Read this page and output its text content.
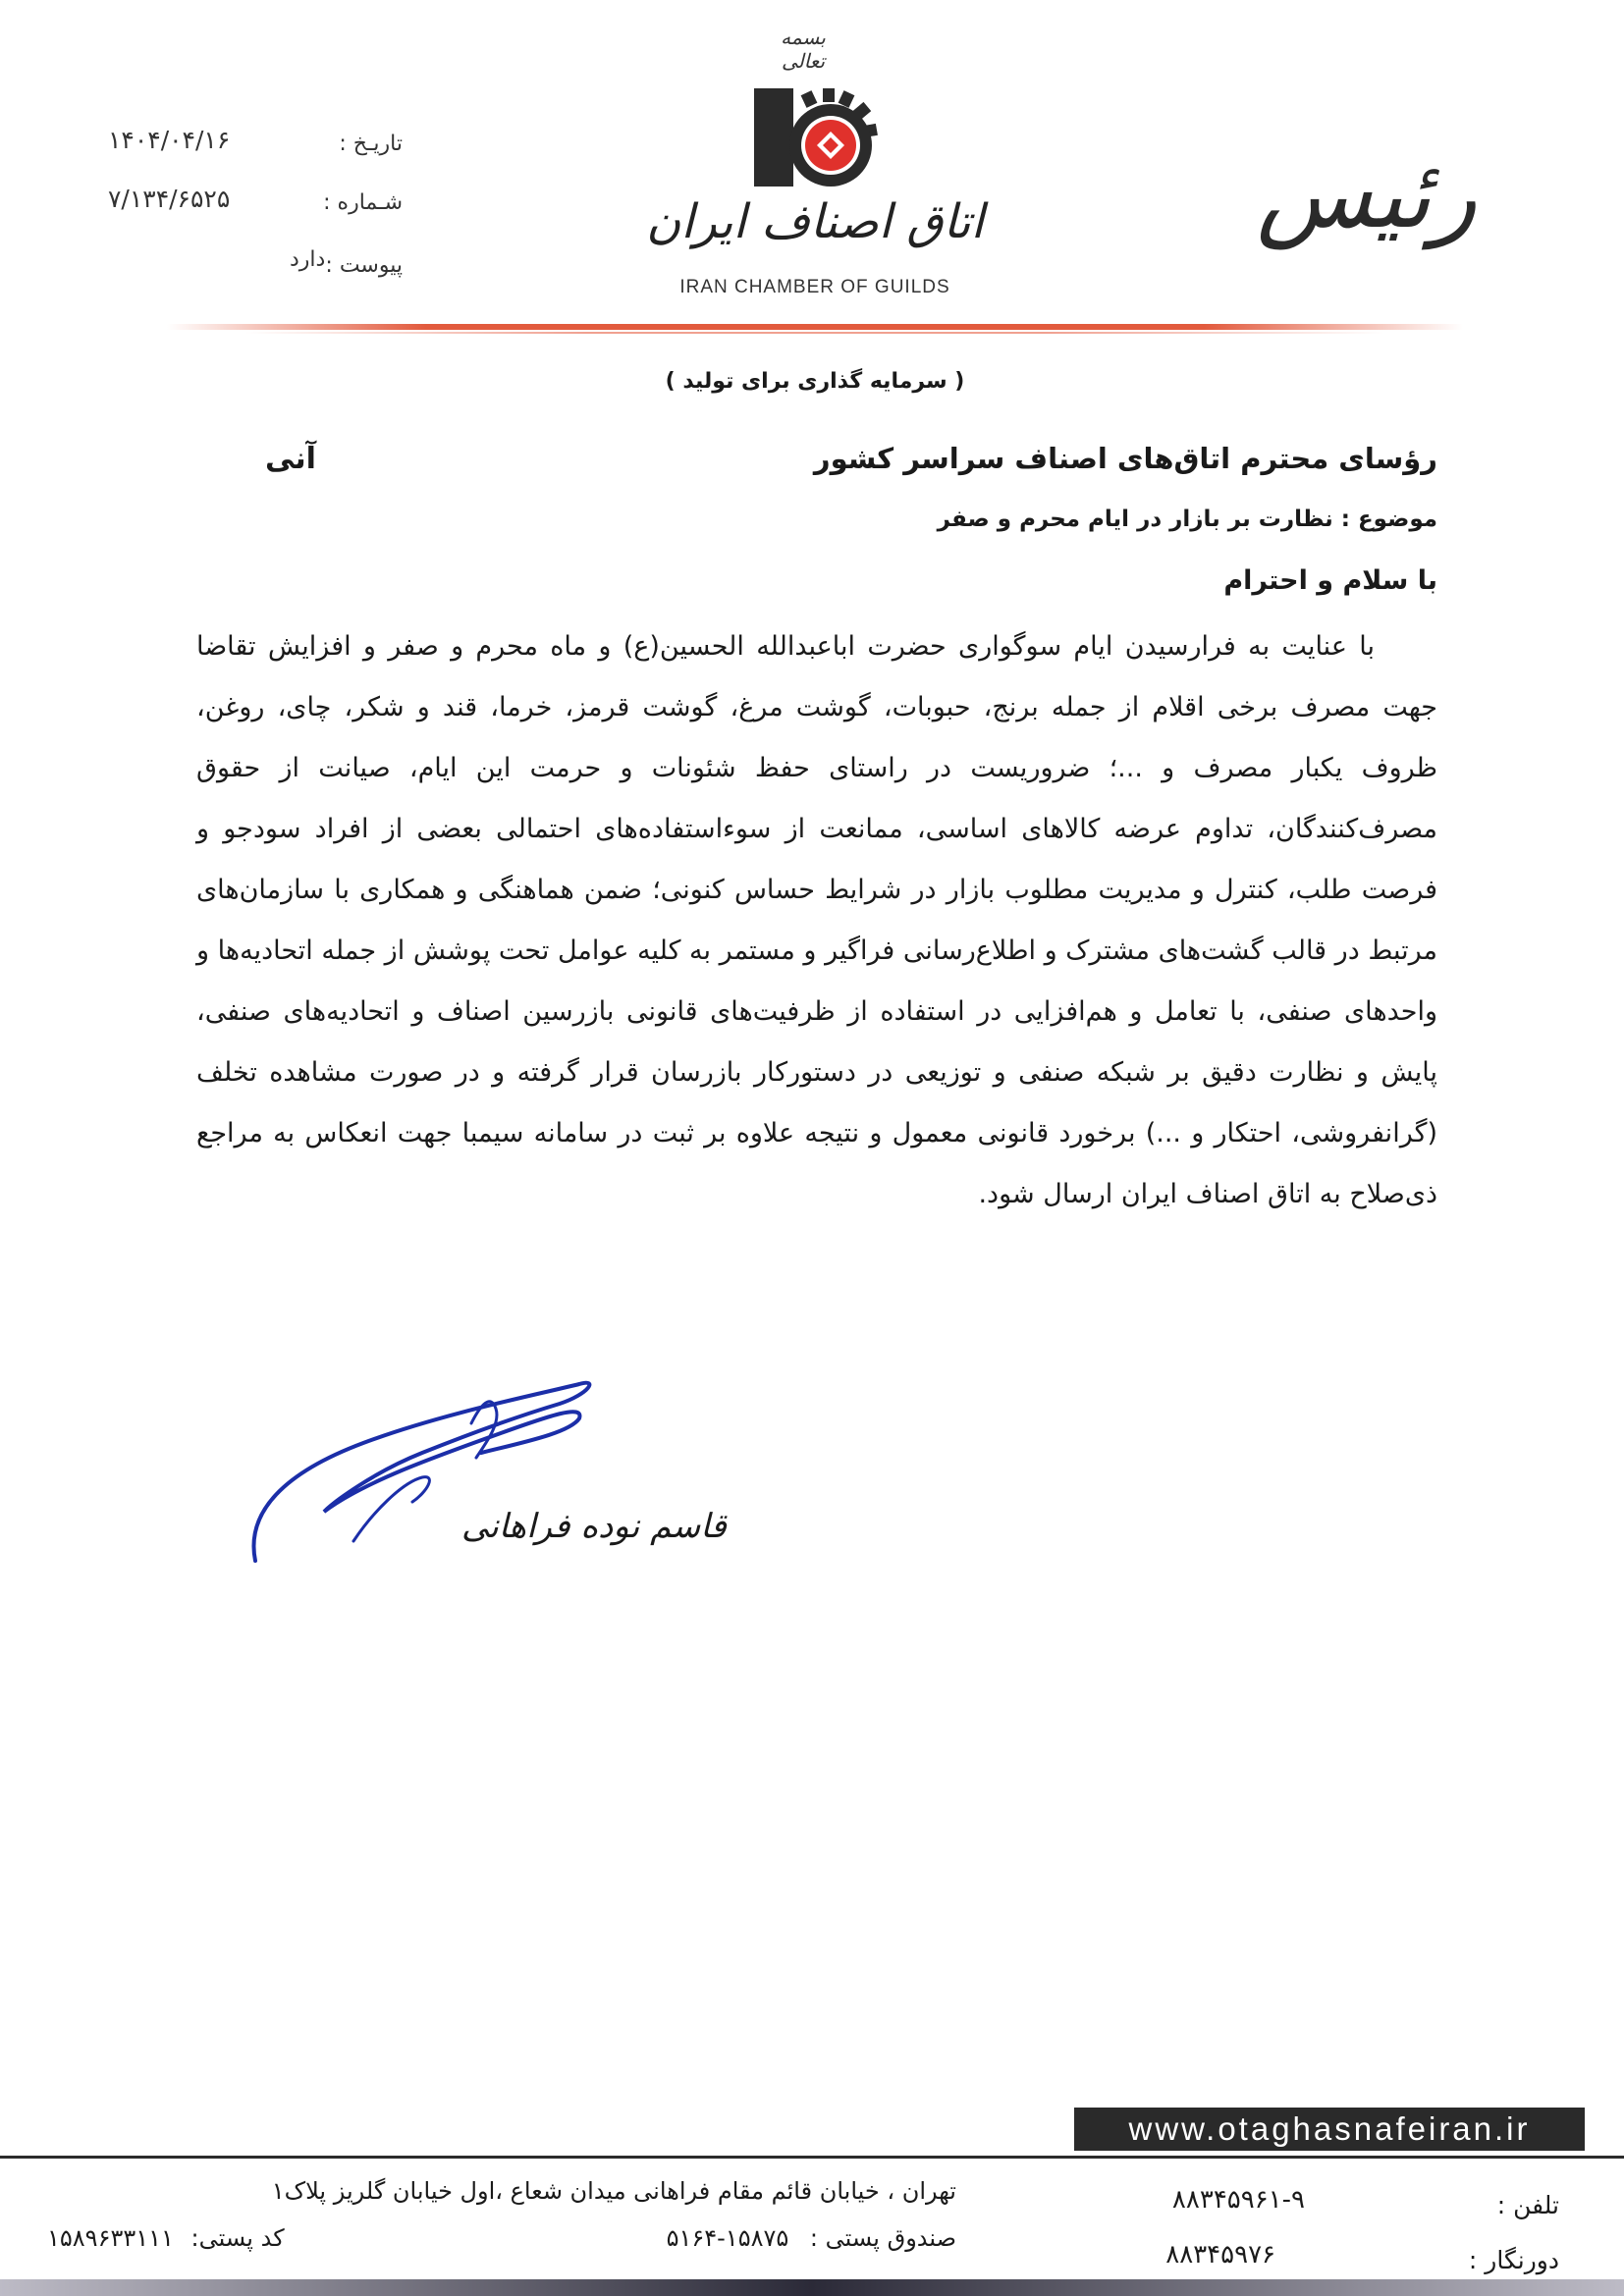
رئیس
تاریـخ :
۱۴۰۴/۰۴/۱۶
شـماره :
۷/۱۳۴/۶۵۲۵
پیوست :
دارد
بسمه تعالی
اتاق اصناف ایران
IRAN CHAMBER OF GUILDS
( سرمایه گذاری برای تولید )
رؤسای محترم اتاق‌های اصناف سراسر کشور
آنی
موضوع : نظارت بر بازار در ایام محرم و صفر
با سلام و احترام

با عنایت به فرارسیدن ایام سوگواری حضرت اباعبدالله الحسین(ع) و ماه محرم و صفر و افزایش تقاضا جهت مصرف برخی اقلام از جمله برنج، حبوبات، گوشت مرغ، گوشت قرمز، خرما، قند و شکر، چای، روغن، ظروف یکبار مصرف و ...؛ ضروریست در راستای حفظ شئونات و حرمت این ایام، صیانت از حقوق مصرف‌کنندگان، تداوم عرضه کالاهای اساسی، ممانعت از سوءاستفاده‌های احتمالی بعضی از افراد سودجو و فرصت طلب، کنترل و مدیریت مطلوب بازار در شرایط حساس کنونی؛ ضمن هماهنگی و همکاری با سازمان‌های مرتبط در قالب گشت‌های مشترک و اطلاع‌رسانی فراگیر و مستمر به کلیه عوامل تحت پوشش از جمله اتحادیه‌ها و واحدهای صنفی، با تعامل و هم‌افزایی در استفاده از ظرفیت‌های قانونی بازرسین اصناف و اتحادیه‌های صنفی، پایش و نظارت دقیق بر شبکه صنفی و توزیعی در دستورکار بازرسان قرار گرفته و در صورت مشاهده تخلف (گرانفروشی، احتکار و ...) برخورد قانونی معمول و نتیجه علاوه بر ثبت در سامانه سیمبا جهت انعکاس به مراجع ذی‌صلاح به اتاق اصناف ایران ارسال شود.

قاسم نوده فراهانی
www.otaghasnafeiran.ir
تهران ، خیابان قائم مقام فراهانی میدان شعاع ،اول خیابان گلریز پلاک۱
صندوق پستی : ۱۵۸۷۵-۵۱۶۴
کد پستی: ۱۵۸۹۶۳۳۱۱۱
تلفن :
۸۸۳۴۵۹۶۱-۹
دورنگار :
۸۸۳۴۵۹۷۶
